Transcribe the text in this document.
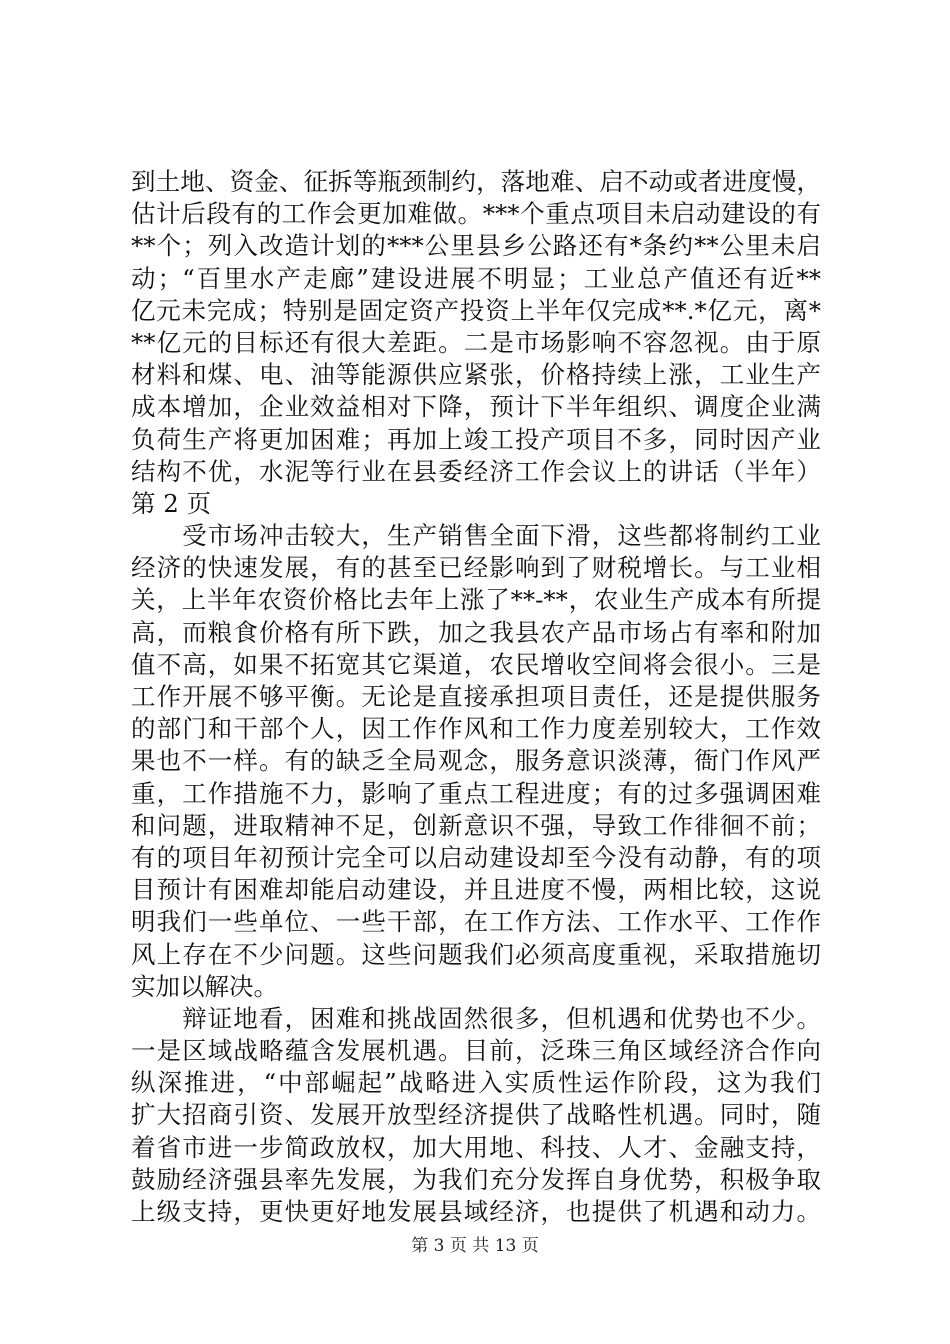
到土地、资金、征拆等瓶颈制约，落地难、启不动或者进度慢，
估计后段有的工作会更加难做。***个重点项目未启动建设的有
**个；列入改造计划的***公里县乡公路还有*条约**公里未启
动；“百里水产走廊”建设进展不明显；工业总产值还有近**
亿元未完成；特别是固定资产投资上半年仅完成**.*亿元，离*
**亿元的目标还有很大差距。二是市场影响不容忽视。由于原
材料和煤、电、油等能源供应紧张，价格持续上涨，工业生产
成本增加，企业效益相对下降，预计下半年组织、调度企业满
负荷生产将更加困难；再加上竣工投产项目不多，同时因产业
结构不优，水泥等行业在县委经济工作会议上的讲话（半年）
第 2 页
　　受市场冲击较大，生产销售全面下滑，这些都将制约工业
经济的快速发展，有的甚至已经影响到了财税增长。与工业相
关，上半年农资价格比去年上涨了**-**，农业生产成本有所提
高，而粮食价格有所下跌，加之我县农产品市场占有率和附加
值不高，如果不拓宽其它渠道，农民增收空间将会很小。三是
工作开展不够平衡。无论是直接承担项目责任，还是提供服务
的部门和干部个人，因工作作风和工作力度差别较大，工作效
果也不一样。有的缺乏全局观念，服务意识淡薄，衙门作风严
重，工作措施不力，影响了重点工程进度；有的过多强调困难
和问题，进取精神不足，创新意识不强，导致工作徘徊不前；
有的项目年初预计完全可以启动建设却至今没有动静，有的项
目预计有困难却能启动建设，并且进度不慢，两相比较，这说
明我们一些单位、一些干部，在工作方法、工作水平、工作作
风上存在不少问题。这些问题我们必须高度重视，采取措施切
实加以解决。
　　辩证地看，困难和挑战固然很多，但机遇和优势也不少。
一是区域战略蕴含发展机遇。目前，泛珠三角区域经济合作向
纵深推进，“中部崛起”战略进入实质性运作阶段，这为我们
扩大招商引资、发展开放型经济提供了战略性机遇。同时，随
着省市进一步简政放权，加大用地、科技、人才、金融支持，
鼓励经济强县率先发展，为我们充分发挥自身优势，积极争取
上级支持，更快更好地发展县域经济，也提供了机遇和动力。
第 3 页 共 13 页
